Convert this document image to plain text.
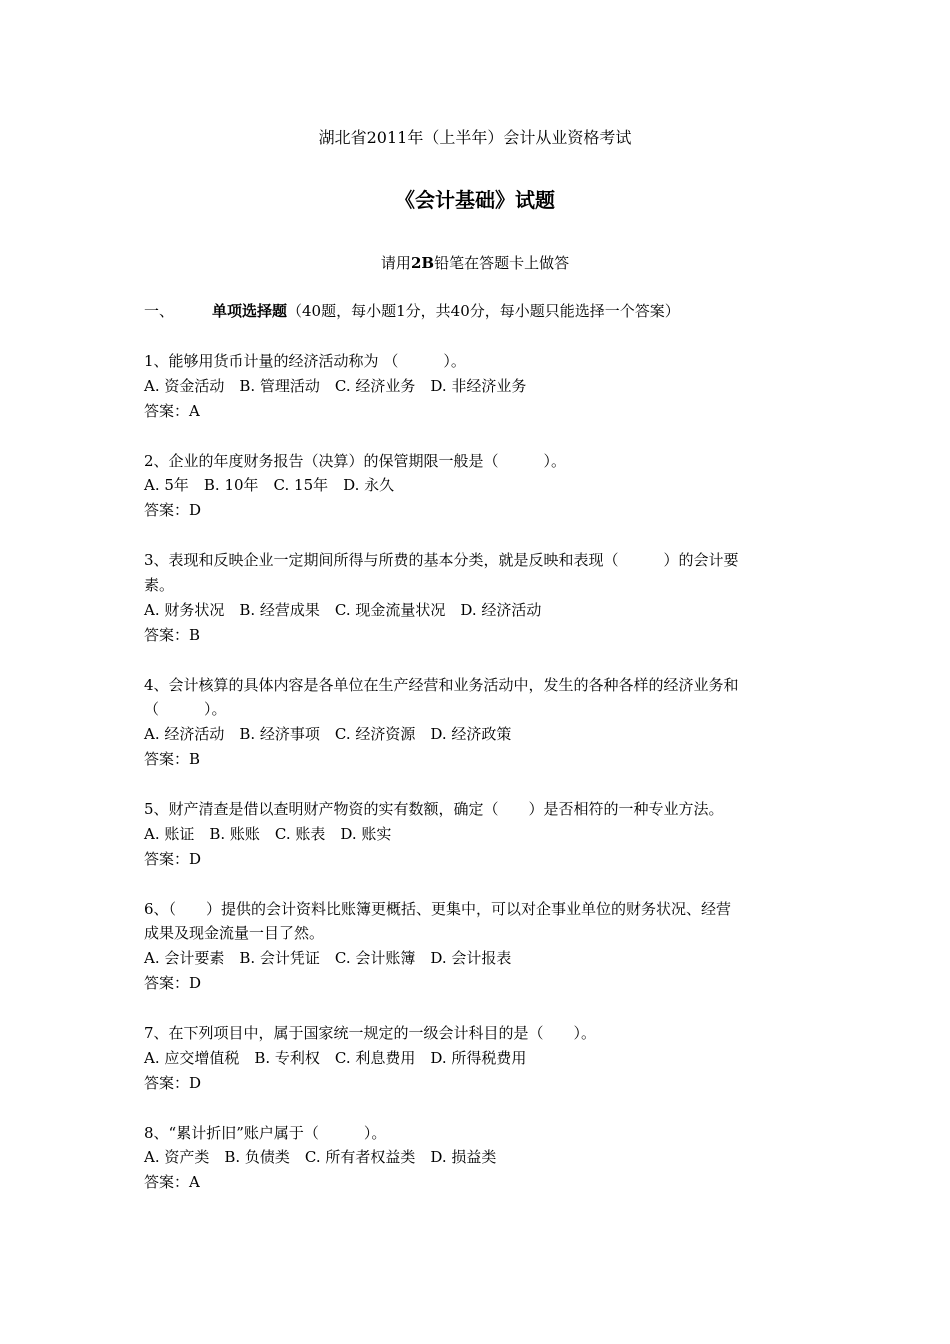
湖北省2011年（上半年）会计从业资格考试
《会计基础》试题
请用2B铅笔在答题卡上做答
一、	单项选择题（40题，每小题1分，共40分，每小题只能选择一个答案）
1、能够用货币计量的经济活动称为 （　　　）。
A. 资金活动　B. 管理活动　C. 经济业务　D. 非经济业务
答案：A
2、企业的年度财务报告（决算）的保管期限一般是（　　　）。
A. 5年　B. 10年　C. 15年　D. 永久
答案：D
3、表现和反映企业一定期间所得与所费的基本分类，就是反映和表现（　　　）的会计要
素。
A. 财务状况　B. 经营成果　C. 现金流量状况　D. 经济活动
答案：B
4、会计核算的具体内容是各单位在生产经营和业务活动中，发生的各种各样的经济业务和
（　　　）。
A. 经济活动　B. 经济事项　C. 经济资源　D. 经济政策
答案：B
5、财产清查是借以查明财产物资的实有数额，确定（　　）是否相符的一种专业方法。
A. 账证　B. 账账　C. 账表　D. 账实
答案：D
6、（　　）提供的会计资料比账簿更概括、更集中，可以对企事业单位的财务状况、经营
成果及现金流量一目了然。
A. 会计要素　B. 会计凭证　C. 会计账簿　D. 会计报表
答案：D
7、在下列项目中，属于国家统一规定的一级会计科目的是（　　）。
A. 应交增值税　B. 专利权　C. 利息费用　D. 所得税费用
答案：D
8、“累计折旧”账户属于（　　　）。
A. 资产类　B. 负债类　C. 所有者权益类　D. 损益类
答案：A
